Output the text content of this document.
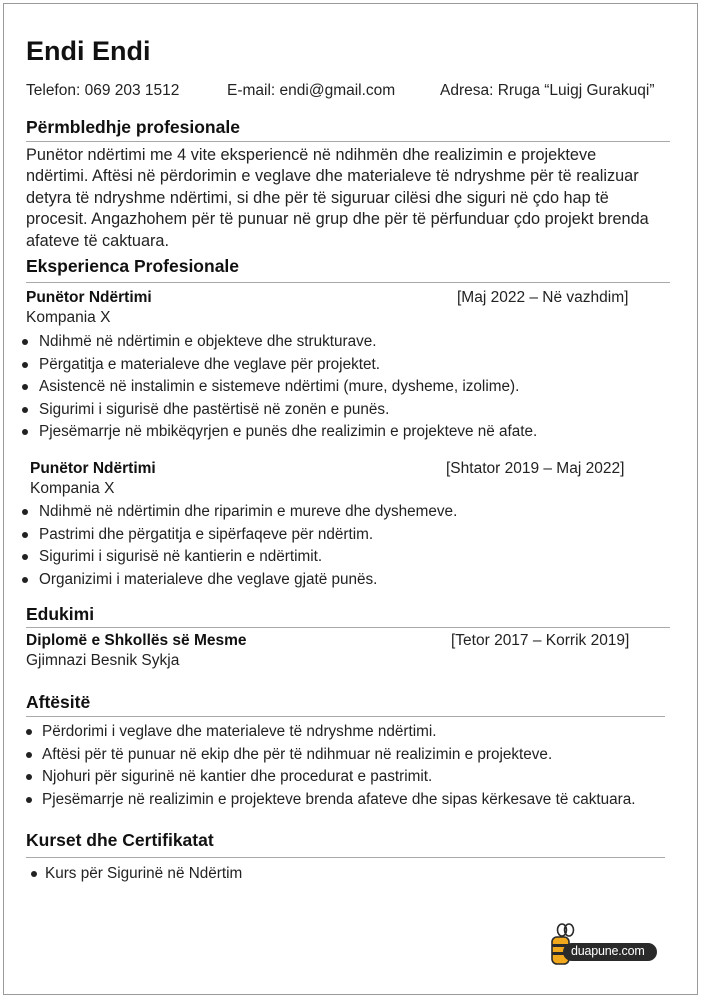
Endi Endi
Telefon: 069 203 1512	E-mail: endi@gmail.com	Adresa: Rruga “Luigj Gurakuqi”
Përmbledhje profesionale
Punëtor ndërtimi me 4 vite eksperiencë në ndihmën dhe realizimin e projekteve
ndërtimi. Aftësi në përdorimin e veglave dhe materialeve të ndryshme për të realizuar
detyra të ndryshme ndërtimi, si dhe për të siguruar cilësi dhe siguri në çdo hap të
procesit. Angazhohem për të punuar në grup dhe për të përfunduar çdo projekt brenda
afateve të caktuara.
Eksperienca Profesionale
Punëtor Ndërtimi	[Maj 2022 – Në vazhdim]
Kompania X
Ndihmë në ndërtimin e objekteve dhe strukturave.
Përgatitja e materialeve dhe veglave për projektet.
Asistencë në instalimin e sistemeve ndërtimi (mure, dysheme, izolime).
Sigurimi i sigurisë dhe pastërtisë në zonën e punës.
Pjesëmarrje në mbikëqyrjen e punës dhe realizimin e projekteve në afate.
Punëtor Ndërtimi	[Shtator 2019 – Maj 2022]
Kompania X
Ndihmë në ndërtimin dhe riparimin e mureve dhe dyshemeve.
Pastrimi dhe përgatitja e sipërfaqeve për ndërtim.
Sigurimi i sigurisë në kantierin e ndërtimit.
Organizimi i materialeve dhe veglave gjatë punës.
Edukimi
Diplomë e Shkollës së Mesme	[Tetor 2017 – Korrik 2019]
Gjimnazi Besnik Sykja
Aftësitë
Përdorimi i veglave dhe materialeve të ndryshme ndërtimi.
Aftësi për të punuar në ekip dhe për të ndihmuar në realizimin e projekteve.
Njohuri për sigurinë në kantier dhe procedurat e pastrimit.
Pjesëmarrje në realizimin e projekteve brenda afateve dhe sipas kërkesave të caktuara.
Kurset dhe Certifikatat
Kurs për Sigurinë në Ndërtim
duapune.com
